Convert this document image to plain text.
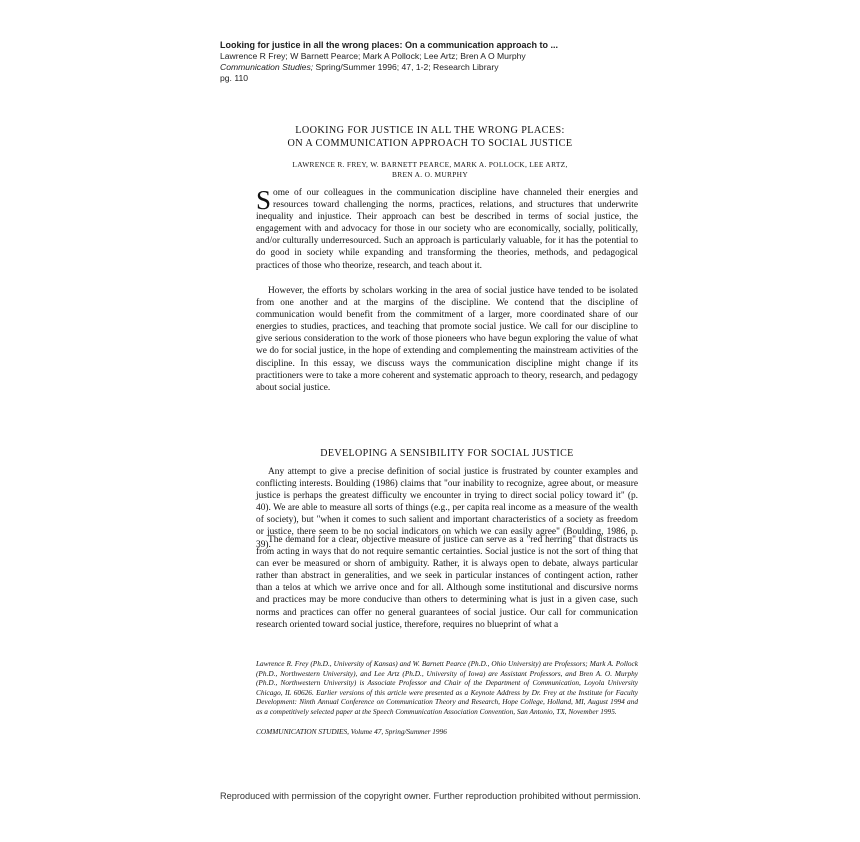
Looking for justice in all the wrong places: On a communication approach to ...
Lawrence R Frey; W Barnett Pearce; Mark A Pollock; Lee Artz; Bren A O Murphy
Communication Studies; Spring/Summer 1996; 47, 1-2; Research Library
pg. 110
LOOKING FOR JUSTICE IN ALL THE WRONG PLACES:
ON A COMMUNICATION APPROACH TO SOCIAL JUSTICE
LAWRENCE R. FREY, W. BARNETT PEARCE, MARK A. POLLOCK, LEE ARTZ,
BREN A. O. MURPHY
Some of our colleagues in the communication discipline have channeled their energies and resources toward challenging the norms, practices, relations, and structures that underwrite inequality and injustice. Their approach can best be described in terms of social justice, the engagement with and advocacy for those in our society who are economically, socially, politically, and/or culturally underresourced. Such an approach is particularly valuable, for it has the potential to do good in society while expanding and transforming the theories, methods, and pedagogical practices of those who theorize, research, and teach about it.
However, the efforts by scholars working in the area of social justice have tended to be isolated from one another and at the margins of the discipline. We contend that the discipline of communication would benefit from the commitment of a larger, more coordinated share of our energies to studies, practices, and teaching that promote social justice. We call for our discipline to give serious consideration to the work of those pioneers who have begun exploring the value of what we do for social justice, in the hope of extending and complementing the mainstream activities of the discipline. In this essay, we discuss ways the communication discipline might change if its practitioners were to take a more coherent and systematic approach to theory, research, and pedagogy about social justice.
DEVELOPING A SENSIBILITY FOR SOCIAL JUSTICE
Any attempt to give a precise definition of social justice is frustrated by counter examples and conflicting interests. Boulding (1986) claims that "our inability to recognize, agree about, or measure justice is perhaps the greatest difficulty we encounter in trying to direct social policy toward it" (p. 40). We are able to measure all sorts of things (e.g., per capita real income as a measure of the wealth of society), but "when it comes to such salient and important characteristics of a society as freedom or justice, there seem to be no social indicators on which we can easily agree" (Boulding, 1986, p. 39).
The demand for a clear, objective measure of justice can serve as a "red herring" that distracts us from acting in ways that do not require semantic certainties. Social justice is not the sort of thing that can ever be measured or shorn of ambiguity. Rather, it is always open to debate, always particular rather than abstract in generalities, and we seek in particular instances of contingent action, rather than a telos at which we arrive once and for all. Although some institutional and discursive norms and practices may be more conducive than others to determining what is just in a given case, such norms and practices can offer no general guarantees of social justice. Our call for communication research oriented toward social justice, therefore, requires no blueprint of what a
Lawrence R. Frey (Ph.D., University of Kansas) and W. Barnett Pearce (Ph.D., Ohio University) are Professors; Mark A. Pollock (Ph.D., Northwestern University), and Lee Artz (Ph.D., University of Iowa) are Assistant Professors, and Bren A. O. Murphy (Ph.D., Northwestern University) is Associate Professor and Chair of the Department of Communication, Loyola University Chicago, IL 60626. Earlier versions of this article were presented as a Keynote Address by Dr. Frey at the Institute for Faculty Development: Ninth Annual Conference on Communication Theory and Research, Hope College, Holland, MI, August 1994 and as a competitively selected paper at the Speech Communication Association Convention, San Antonio, TX, November 1995.
COMMUNICATION STUDIES, Volume 47, Spring/Summer 1996
Reproduced with permission of the copyright owner. Further reproduction prohibited without permission.
